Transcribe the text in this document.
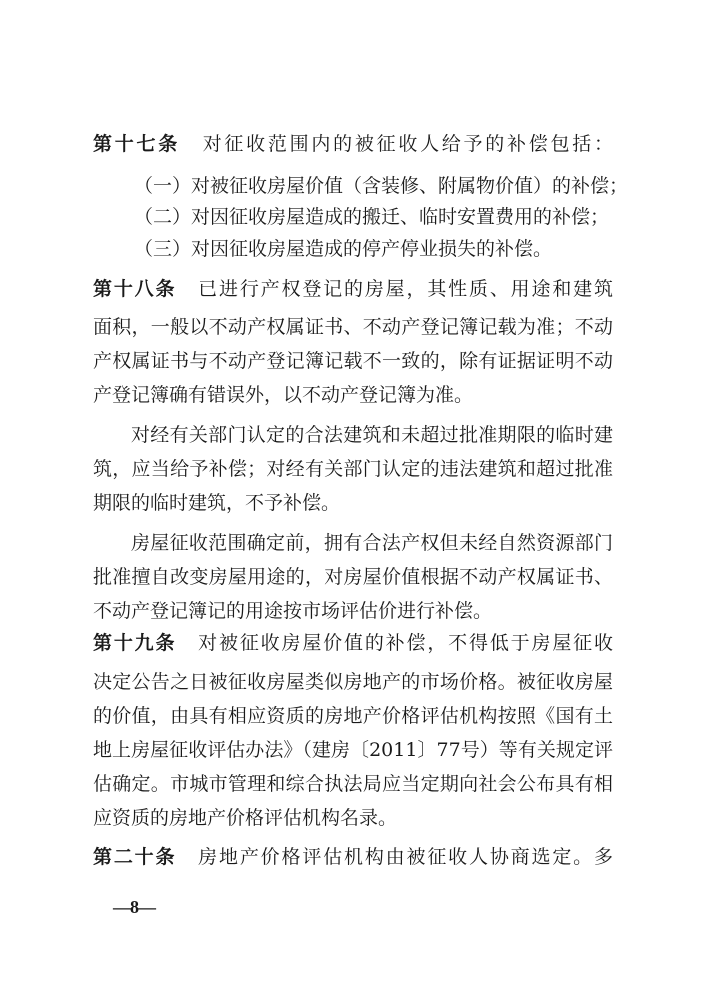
第十七条 对征收范围内的被征收人给予的补偿包括：
（一）对被征收房屋价值（含装修、附属物价值）的补偿；
（二）对因征收房屋造成的搬迁、临时安置费用的补偿；
（三）对因征收房屋造成的停产停业损失的补偿。
第十八条 已进行产权登记的房屋，其性质、用途和建筑
面积，一般以不动产权属证书、不动产登记簿记载为准；不动
产权属证书与不动产登记簿记载不一致的，除有证据证明不动
产登记簿确有错误外，以不动产登记簿为准。
对经有关部门认定的合法建筑和未超过批准期限的临时建
筑，应当给予补偿；对经有关部门认定的违法建筑和超过批准
期限的临时建筑，不予补偿。
房屋征收范围确定前，拥有合法产权但未经自然资源部门
批准擅自改变房屋用途的，对房屋价值根据不动产权属证书、
不动产登记簿记的用途按市场评估价进行补偿。
第十九条 对被征收房屋价值的补偿，不得低于房屋征收
决定公告之日被征收房屋类似房地产的市场价格。被征收房屋
的价值，由具有相应资质的房地产价格评估机构按照《国有土
地上房屋征收评估办法》（建房〔2011〕77号）等有关规定评
估确定。市城市管理和综合执法局应当定期向社会公布具有相
应资质的房地产价格评估机构名录。
第二十条 房地产价格评估机构由被征收人协商选定。多
—8—
